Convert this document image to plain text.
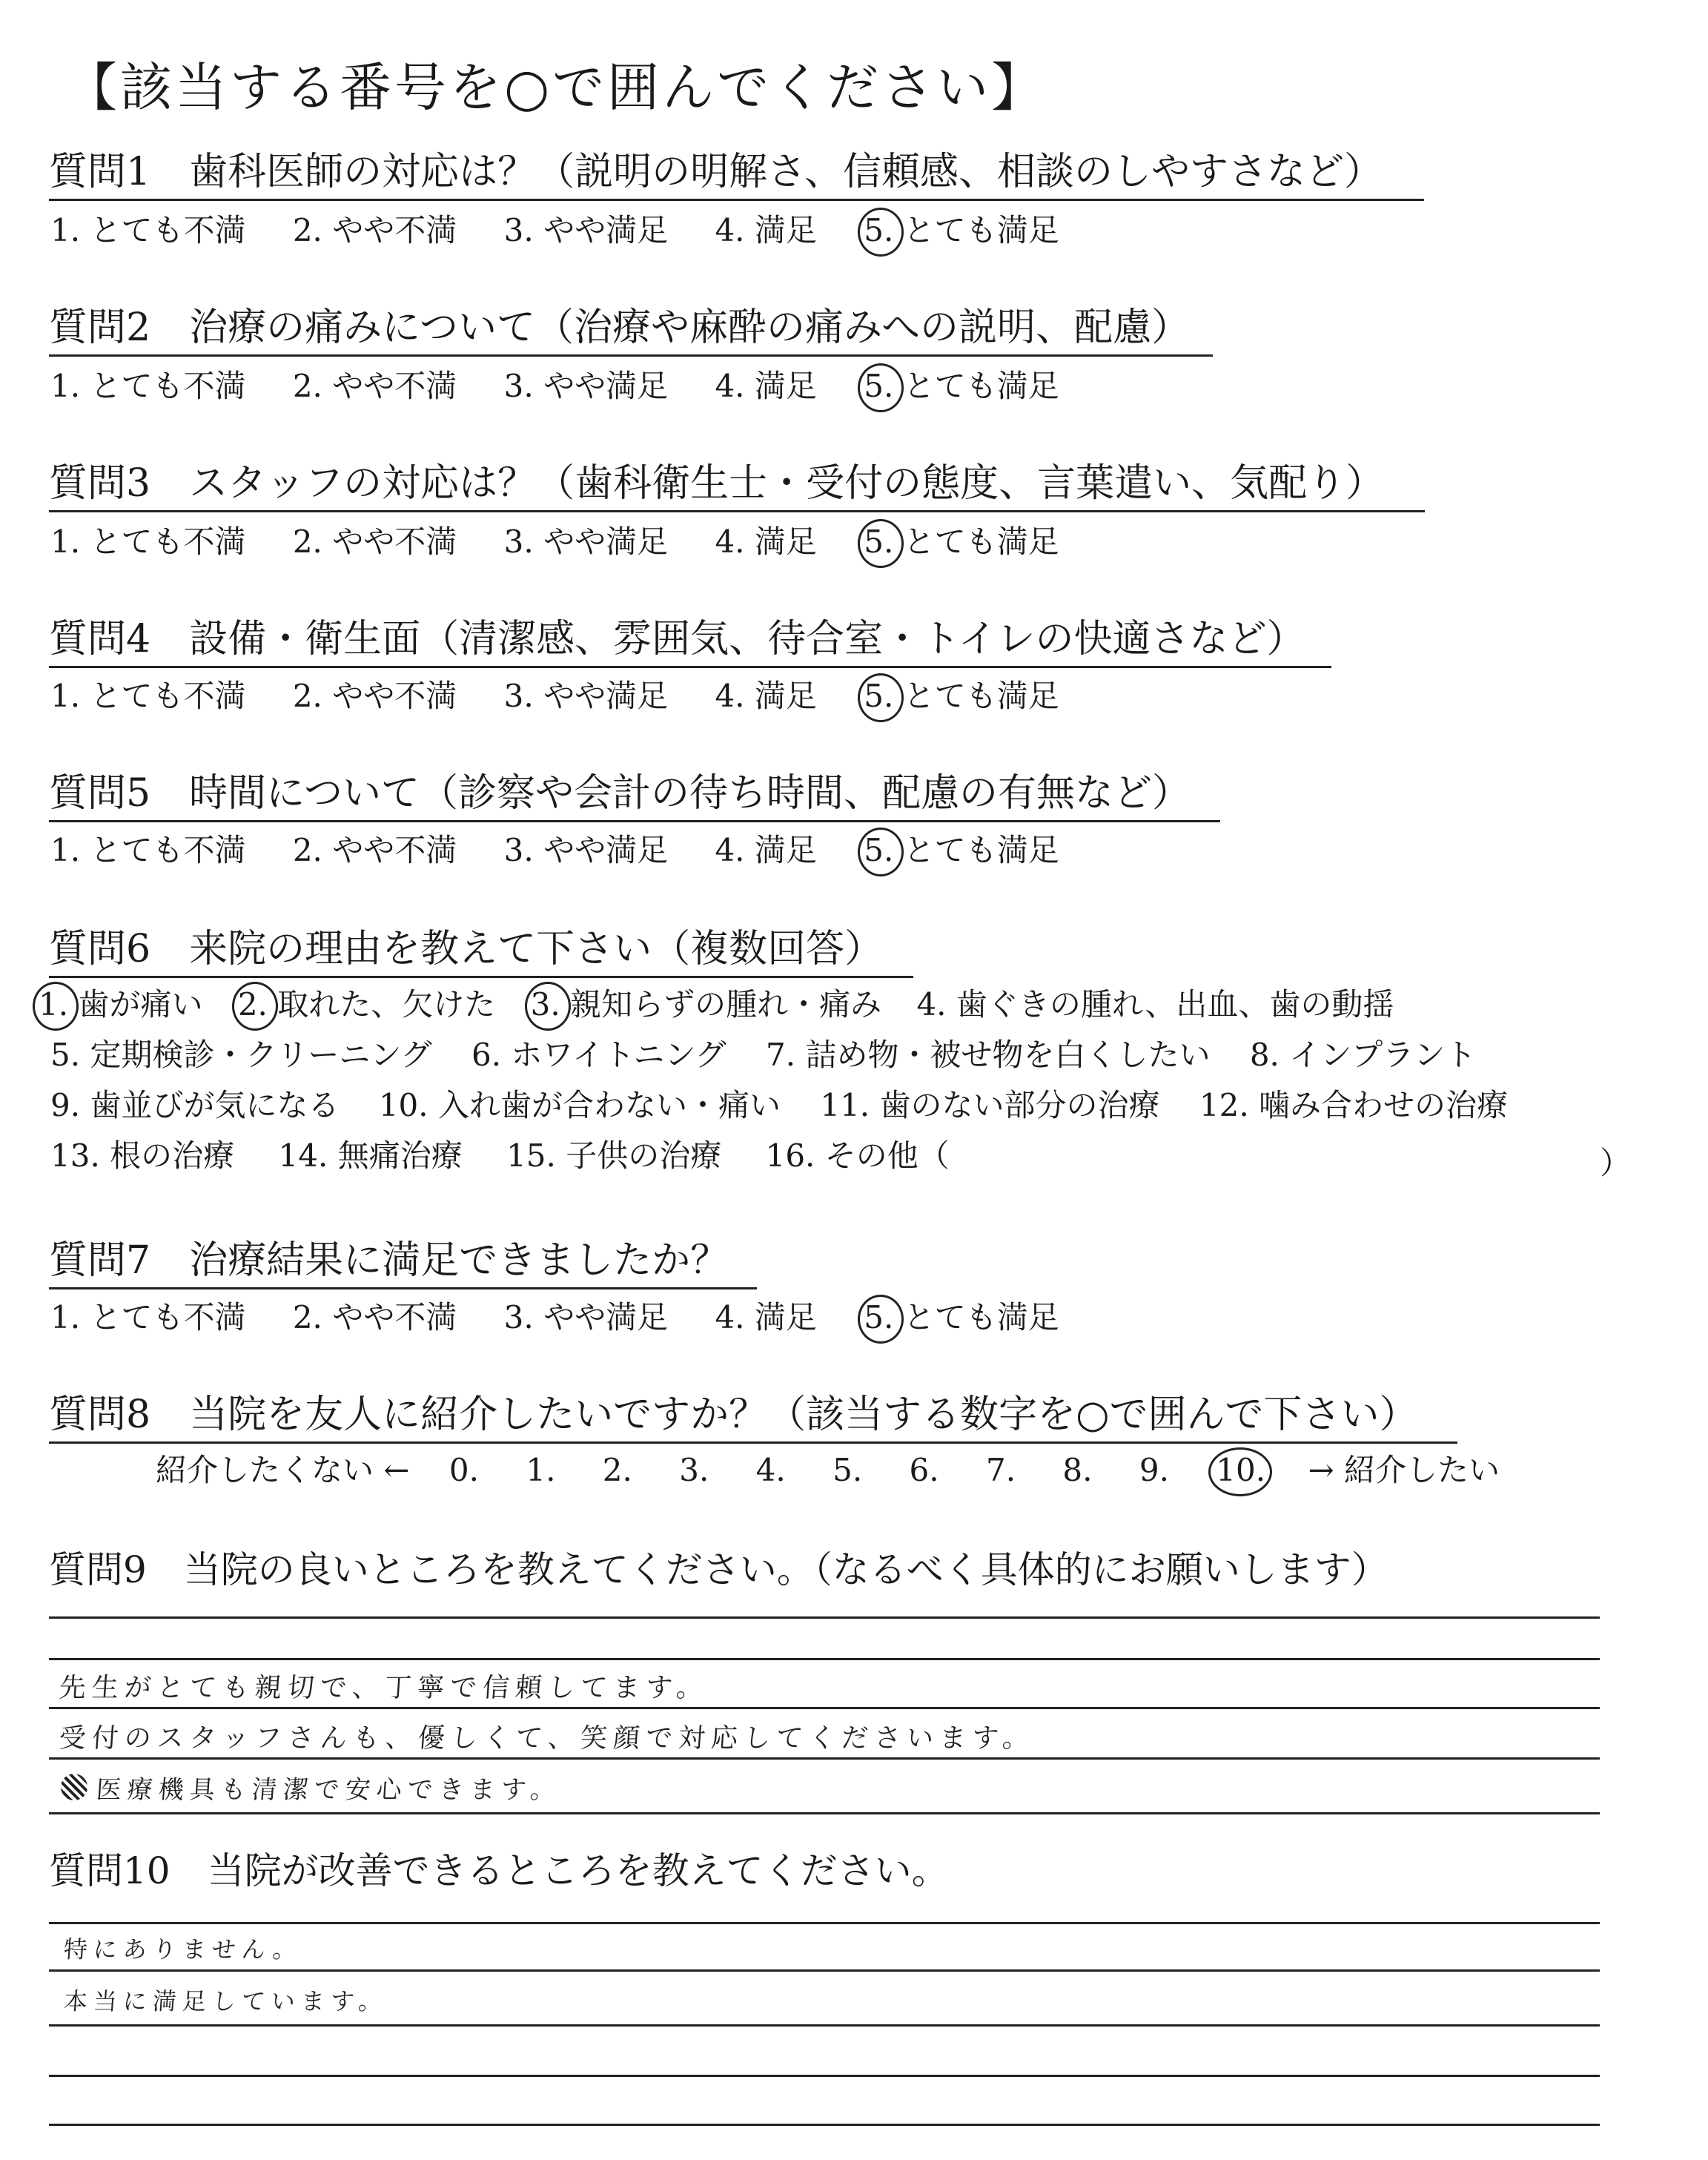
【該当する番号を○で囲んでください】
質問1　歯科医師の対応は？（説明の明解さ、信頼感、相談のしやすさなど）
1. とても不満 2. やや不満 3. やや満足 4. 満足 5. とても満足
質問2　治療の痛みについて（治療や麻酔の痛みへの説明、配慮）
1. とても不満 2. やや不満 3. やや満足 4. 満足 5. とても満足
質問3　スタッフの対応は？（歯科衛生士・受付の態度、言葉遣い、気配り）
1. とても不満 2. やや不満 3. やや満足 4. 満足 5. とても満足
質問4　設備・衛生面（清潔感、雰囲気、待合室・トイレの快適さなど）
1. とても不満 2. やや不満 3. やや満足 4. 満足 5. とても満足
質問5　時間について（診察や会計の待ち時間、配慮の有無など）
1. とても不満 2. やや不満 3. やや満足 4. 満足 5. とても満足
質問6　来院の理由を教えて下さい（複数回答）
1. 歯が痛い 2. 取れた、欠けた 3. 親知らずの腫れ・痛み 4. 歯ぐきの腫れ、出血、歯の動揺
5. 定期検診・クリーニング 6. ホワイトニング 7. 詰め物・被せ物を白くしたい 8. インプラント
9. 歯並びが気になる 10. 入れ歯が合わない・痛い 11. 歯のない部分の治療 12. 噛み合わせの治療
13. 根の治療 14. 無痛治療 15. 子供の治療 16. その他（	）
質問7　治療結果に満足できましたか？
1. とても不満 2. やや不満 3. やや満足 4. 満足 5. とても満足
質問8　当院を友人に紹介したいですか？（該当する数字を○で囲んで下さい）
紹介したくない ← 0. 1. 2. 3. 4. 5. 6. 7. 8. 9. 10. → 紹介したい
質問9　当院の良いところを教えてください。（なるべく具体的にお願いします）
先生がとても親切で、丁寧で信頼してます。
受付のスタッフさんも、優しくて、笑顔で対応してくださいます。
医療機具も清潔で安心できます。
質問10　当院が改善できるところを教えてください。
特にありません。
本当に満足しています。
